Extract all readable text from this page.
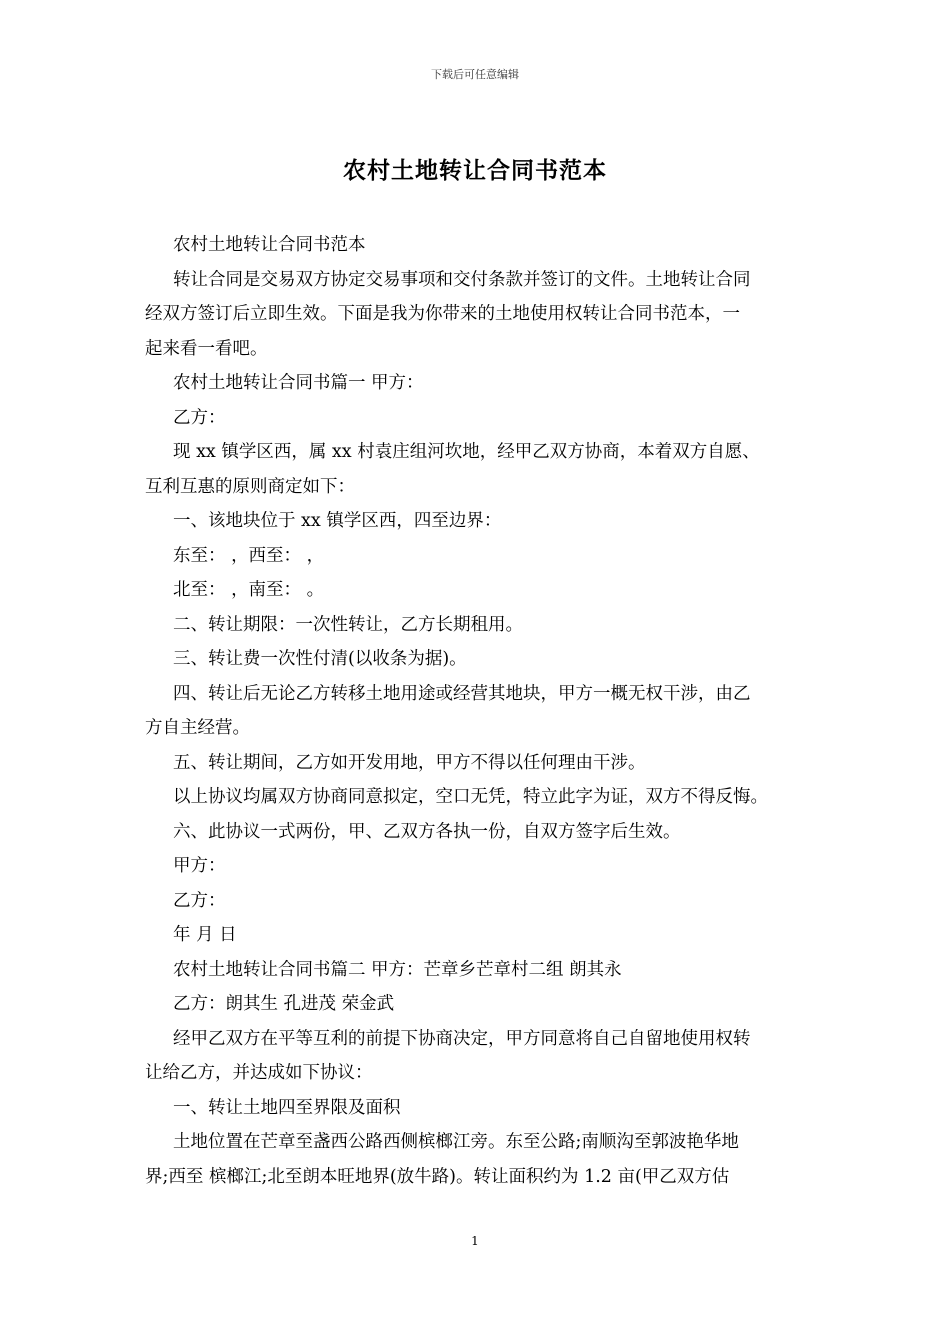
下载后可任意编辑
农村土地转让合同书范本
农村土地转让合同书范本
转让合同是交易双方协定交易事项和交付条款并签订的文件。土地转让合同
经双方签订后立即生效。下面是我为你带来的土地使用权转让合同书范本，一
起来看一看吧。
农村土地转让合同书篇一 甲方：
乙方：
现 xx 镇学区西，属 xx 村袁庄组河坎地，经甲乙双方协商，本着双方自愿、
互利互惠的原则商定如下：
一、该地块位于 xx 镇学区西，四至边界：
东至： ，西至： ，
北至： ，南至： 。
二、转让期限：一次性转让，乙方长期租用。
三、转让费一次性付清(以收条为据)。
四、转让后无论乙方转移土地用途或经营其地块，甲方一概无权干涉，由乙
方自主经营。
五、转让期间，乙方如开发用地，甲方不得以任何理由干涉。
以上协议均属双方协商同意拟定，空口无凭，特立此字为证，双方不得反悔。
六、此协议一式两份，甲、乙双方各执一份，自双方签字后生效。
甲方：
乙方：
年 月 日
农村土地转让合同书篇二 甲方：芒章乡芒章村二组 朗其永
乙方：朗其生 孔进茂 荣金武
经甲乙双方在平等互利的前提下协商决定，甲方同意将自己自留地使用权转
让给乙方，并达成如下协议：
一、转让土地四至界限及面积
土地位置在芒章至盏西公路西侧槟榔江旁。东至公路;南顺沟至郭波艳华地
界;西至 槟榔江;北至朗本旺地界(放牛路)。转让面积约为 1.2 亩(甲乙双方估
1
